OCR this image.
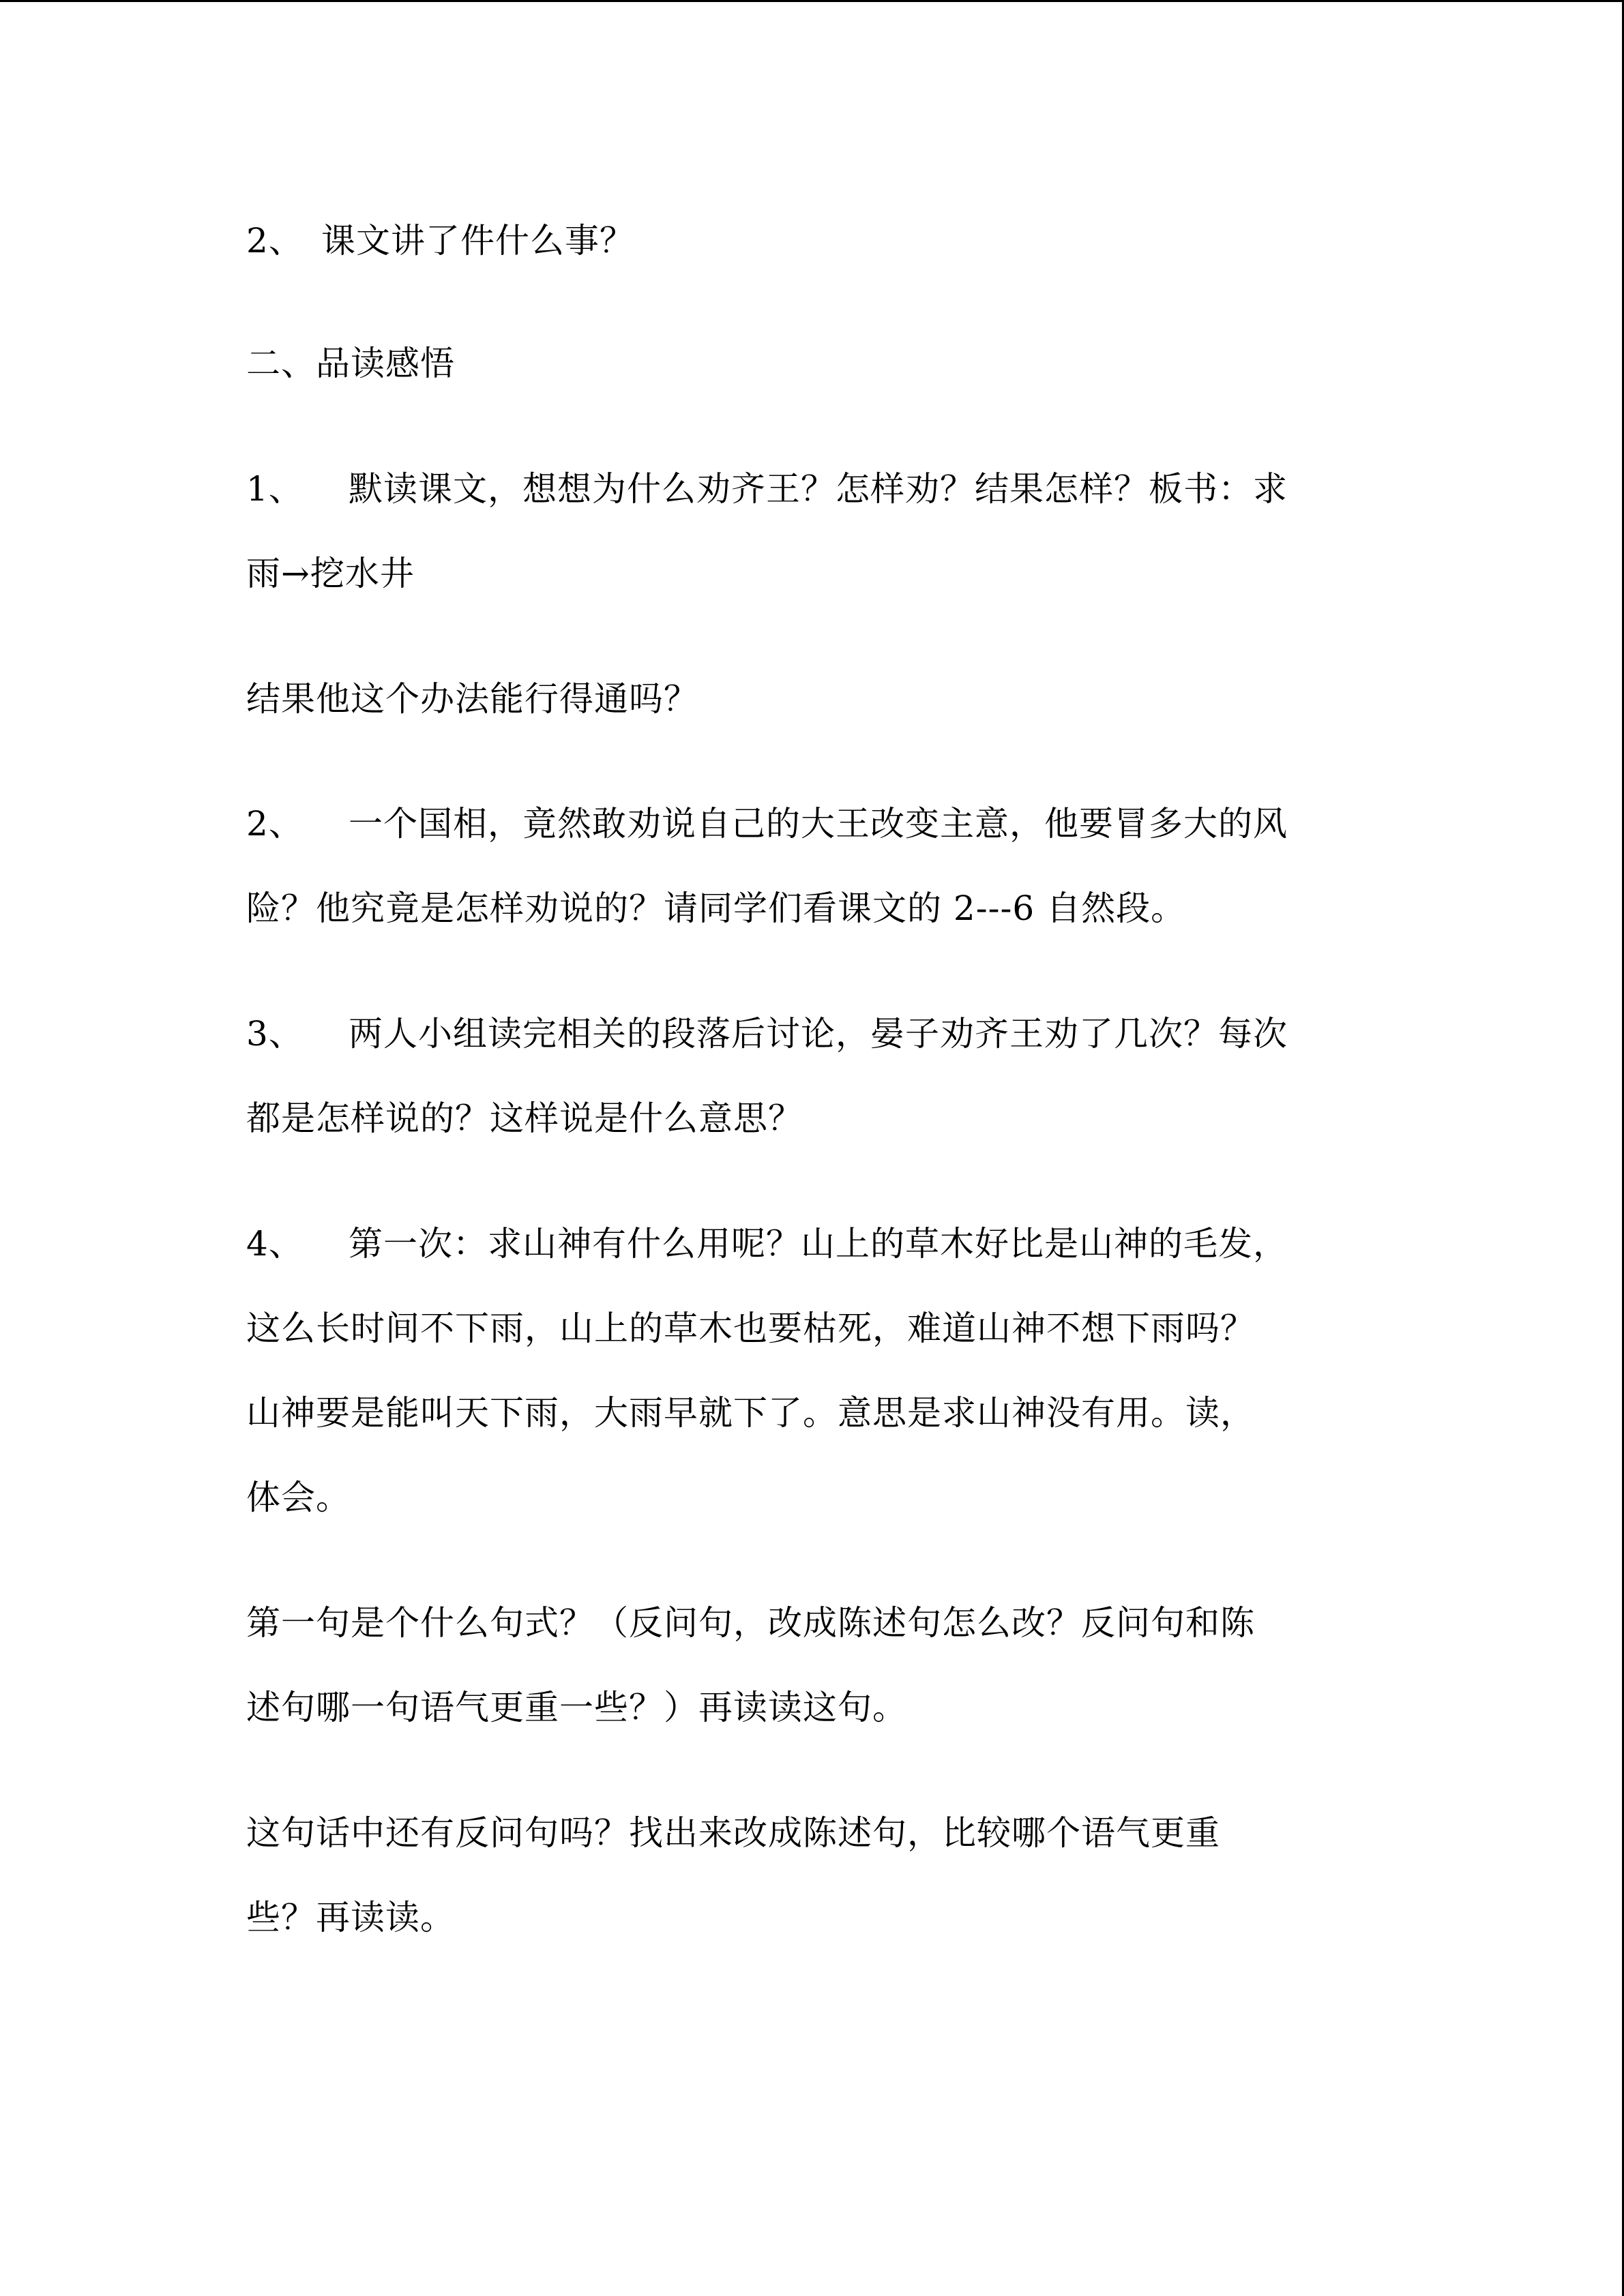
2、 课文讲了件什么事？
二、品读感悟
1、 默读课文，想想为什么劝齐王？怎样劝？结果怎样？板书：求
雨→挖水井
结果他这个办法能行得通吗？
2、 一个国相，竟然敢劝说自己的大王改变主意，他要冒多大的风
险？他究竟是怎样劝说的？请同学们看课文的 2---6 自然段。
3、 两人小组读完相关的段落后讨论，晏子劝齐王劝了几次？每次
都是怎样说的？这样说是什么意思？
4、 第一次：求山神有什么用呢？山上的草木好比是山神的毛发，
这么长时间不下雨，山上的草木也要枯死，难道山神不想下雨吗？
山神要是能叫天下雨，大雨早就下了。意思是求山神没有用。读，
体会。
第一句是个什么句式？（反问句，改成陈述句怎么改？反问句和陈
述句哪一句语气更重一些？）再读读这句。
这句话中还有反问句吗？找出来改成陈述句，比较哪个语气更重
些？再读读。
